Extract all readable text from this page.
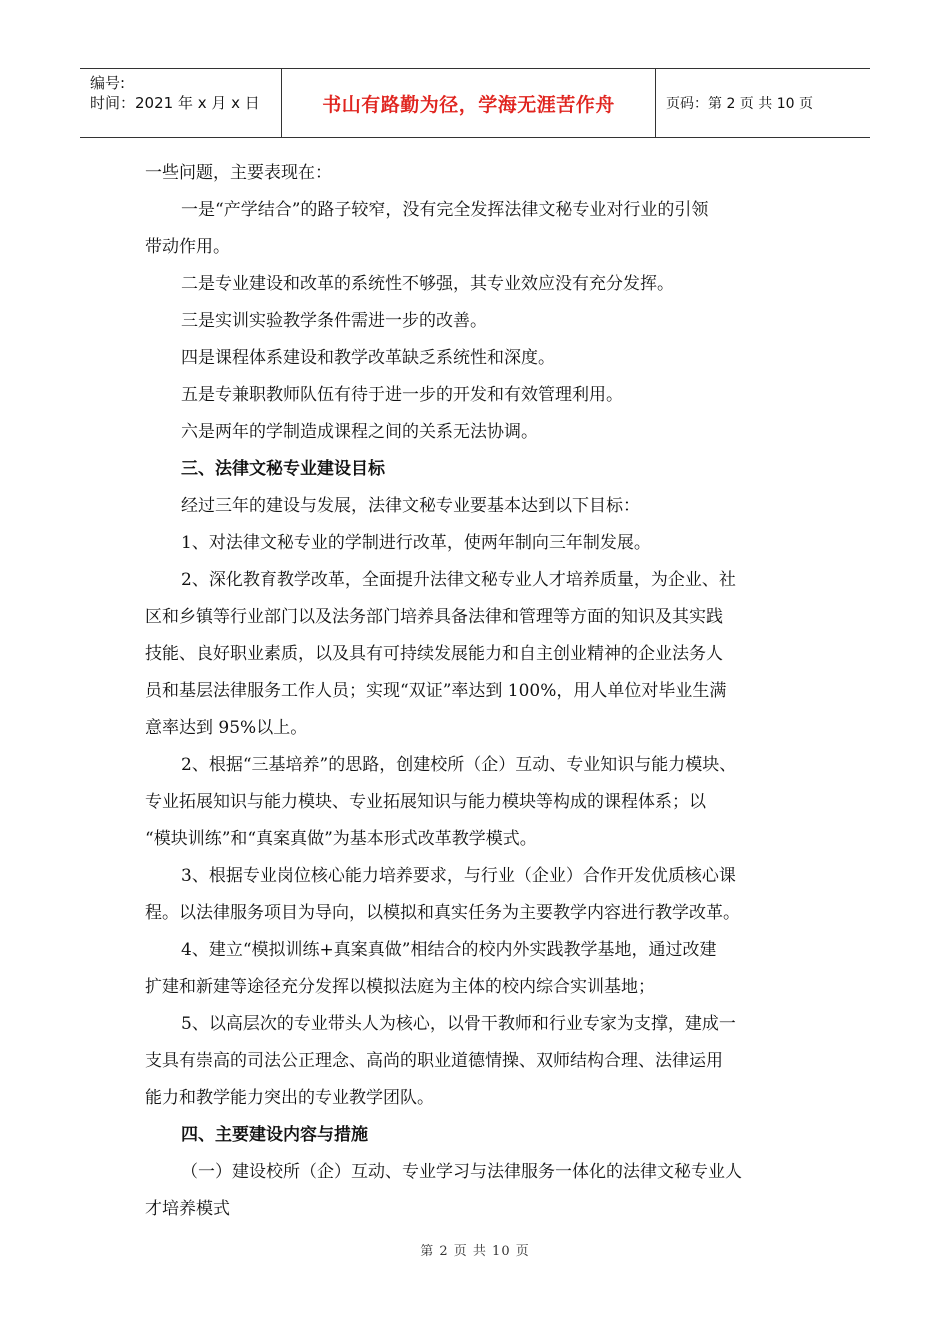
编号:
时间：2021 年 x 月 x 日	书山有路勤为径，学海无涯苦作舟	页码：第 2 页 共 10 页

一些问题，主要表现在：

一是“产学结合”的路子较窄，没有完全发挥法律文秘专业对行业的引领

带动作用。

二是专业建设和改革的系统性不够强，其专业效应没有充分发挥。

三是实训实验教学条件需进一步的改善。

四是课程体系建设和教学改革缺乏系统性和深度。

五是专兼职教师队伍有待于进一步的开发和有效管理利用。

六是两年的学制造成课程之间的关系无法协调。

三、法律文秘专业建设目标

经过三年的建设与发展，法律文秘专业要基本达到以下目标：

1、对法律文秘专业的学制进行改革，使两年制向三年制发展。

2、深化教育教学改革，全面提升法律文秘专业人才培养质量，为企业、社

区和乡镇等行业部门以及法务部门培养具备法律和管理等方面的知识及其实践

技能、良好职业素质，以及具有可持续发展能力和自主创业精神的企业法务人

员和基层法律服务工作人员；实现“双证”率达到 100%，用人单位对毕业生满

意率达到 95%以上。

2、根据“三基培养”的思路，创建校所（企）互动、专业知识与能力模块、

专业拓展知识与能力模块、专业拓展知识与能力模块等构成的课程体系；以

“模块训练”和“真案真做”为基本形式改革教学模式。

3、根据专业岗位核心能力培养要求，与行业（企业）合作开发优质核心课

程。以法律服务项目为导向，以模拟和真实任务为主要教学内容进行教学改革。

4、建立“模拟训练+真案真做”相结合的校内外实践教学基地，通过改建

扩建和新建等途径充分发挥以模拟法庭为主体的校内综合实训基地；

5、以高层次的专业带头人为核心，以骨干教师和行业专家为支撑，建成一

支具有崇高的司法公正理念、高尚的职业道德情操、双师结构合理、法律运用

能力和教学能力突出的专业教学团队。

四、主要建设内容与措施

（一）建设校所（企）互动、专业学习与法律服务一体化的法律文秘专业人

才培养模式

第 2 页 共 10 页
